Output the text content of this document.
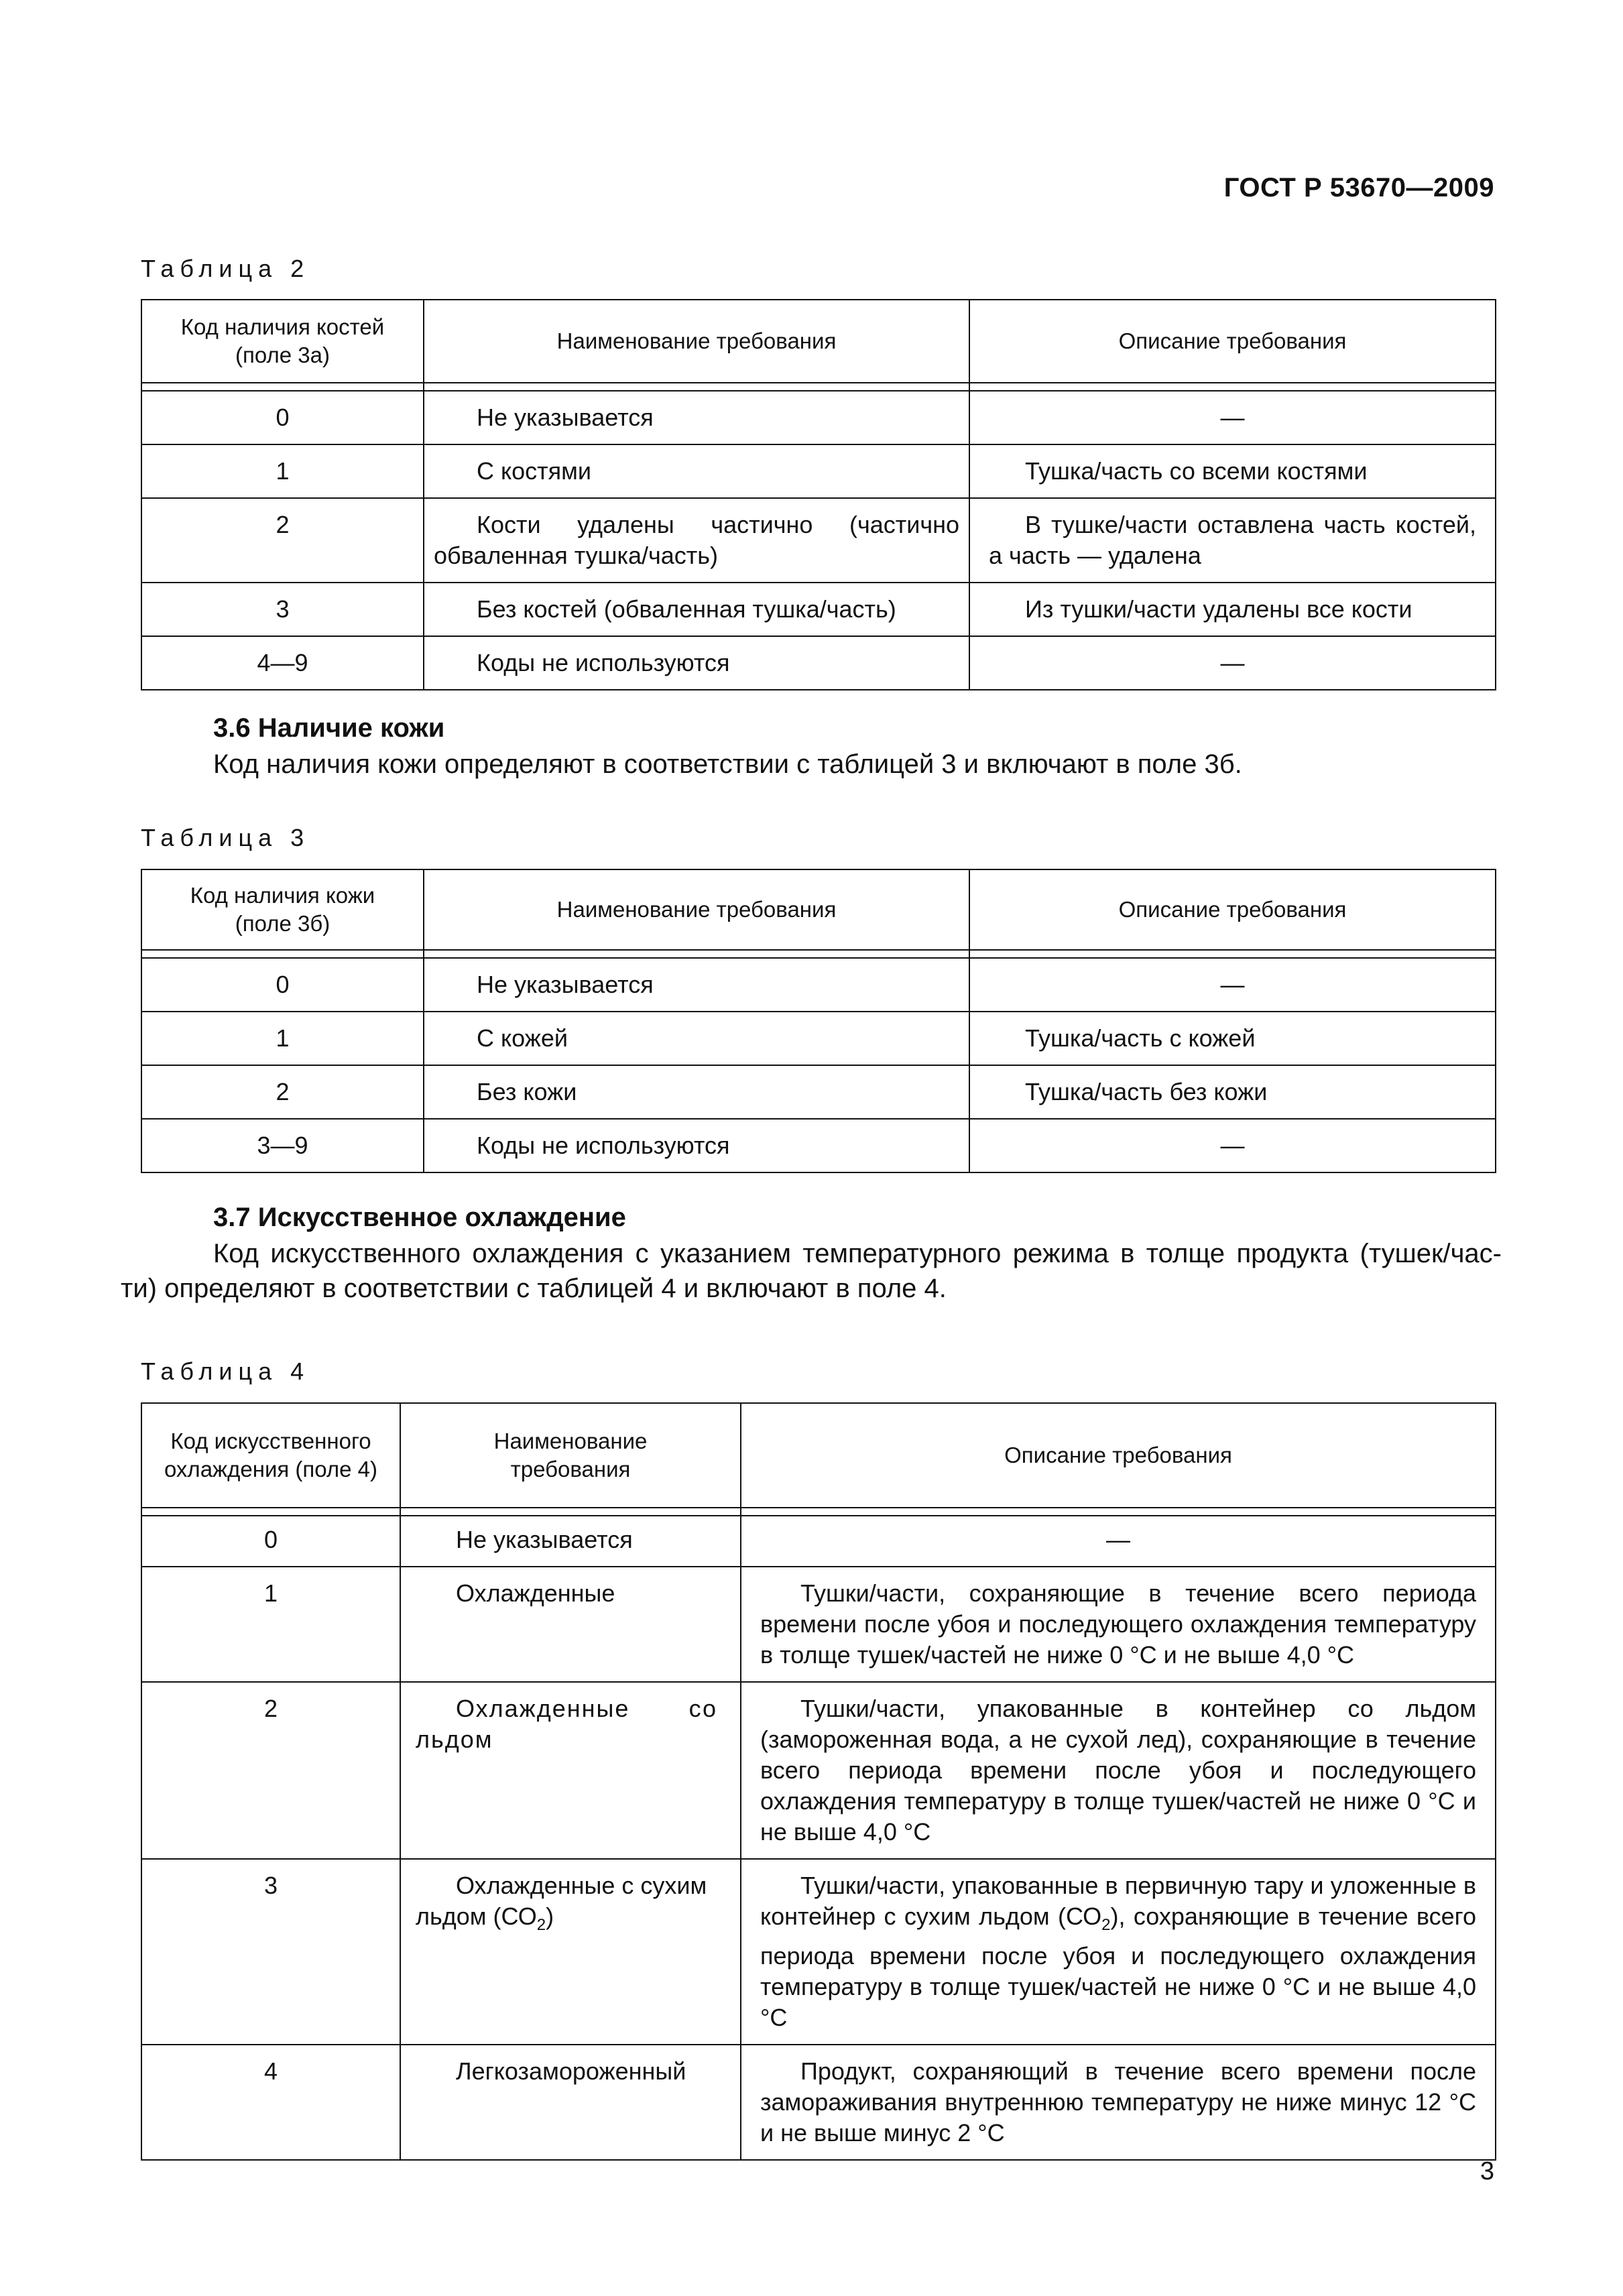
ГОСТ Р 53670—2009
Таблица 2
Код наличия костей (поле 3а)	Наименование требования	Описание требования

0	Не указывается	—
1	С костями	Тушка/часть со всеми костями
2	Кости удалены частично (частично обваленная тушка/часть)	В тушке/части оставлена часть костей, а часть — удалена
3	Без костей (обваленная тушка/часть)	Из тушки/части удалены все кости
4—9	Коды не используются	—
3.6 Наличие кожи
Код наличия кожи определяют в соответствии с таблицей 3 и включают в поле 3б.
Таблица 3
Код наличия кожи (поле 3б)	Наименование требования	Описание требования

0	Не указывается	—
1	С кожей	Тушка/часть с кожей
2	Без кожи	Тушка/часть без кожи
3—9	Коды не используются	—
3.7 Искусственное охлаждение
Код искусственного охлаждения с указанием температурного режима в толще продукта (тушек/час-
ти) определяют в соответствии с таблицей 4 и включают в поле 4.
Таблица 4
Код искусственного охлаждения (поле 4)	Наименование требования	Описание требования

0	Не указывается	—
1	Охлажденные	Тушки/части, сохраняющие в течение всего периода времени после убоя и последующего охлаждения температуру в толще тушек/частей не ниже 0 °С и не выше 4,0 °С
2	Охлажденные со льдом	Тушки/части, упакованные в контейнер со льдом (замороженная вода, а не сухой лед), сохраняющие в течение всего периода времени после убоя и последующего охлаждения температуру в толще тушек/частей не ниже 0 °С и не выше 4,0 °С
3	Охлажденные с сухим льдом $(СО_2)$	Тушки/части, упакованные в первичную тару и уложенные в контейнер с сухим льдом $(СО_2)$, сохраняющие в течение всего периода времени после убоя и последующего охлаждения температуру в толще тушек/частей не ниже 0 °С и не выше 4,0 °С
4	Легкозамороженный	Продукт, сохраняющий в течение всего времени после замораживания внутреннюю температуру не ниже минус 12 °С и не выше минус 2 °С
3
